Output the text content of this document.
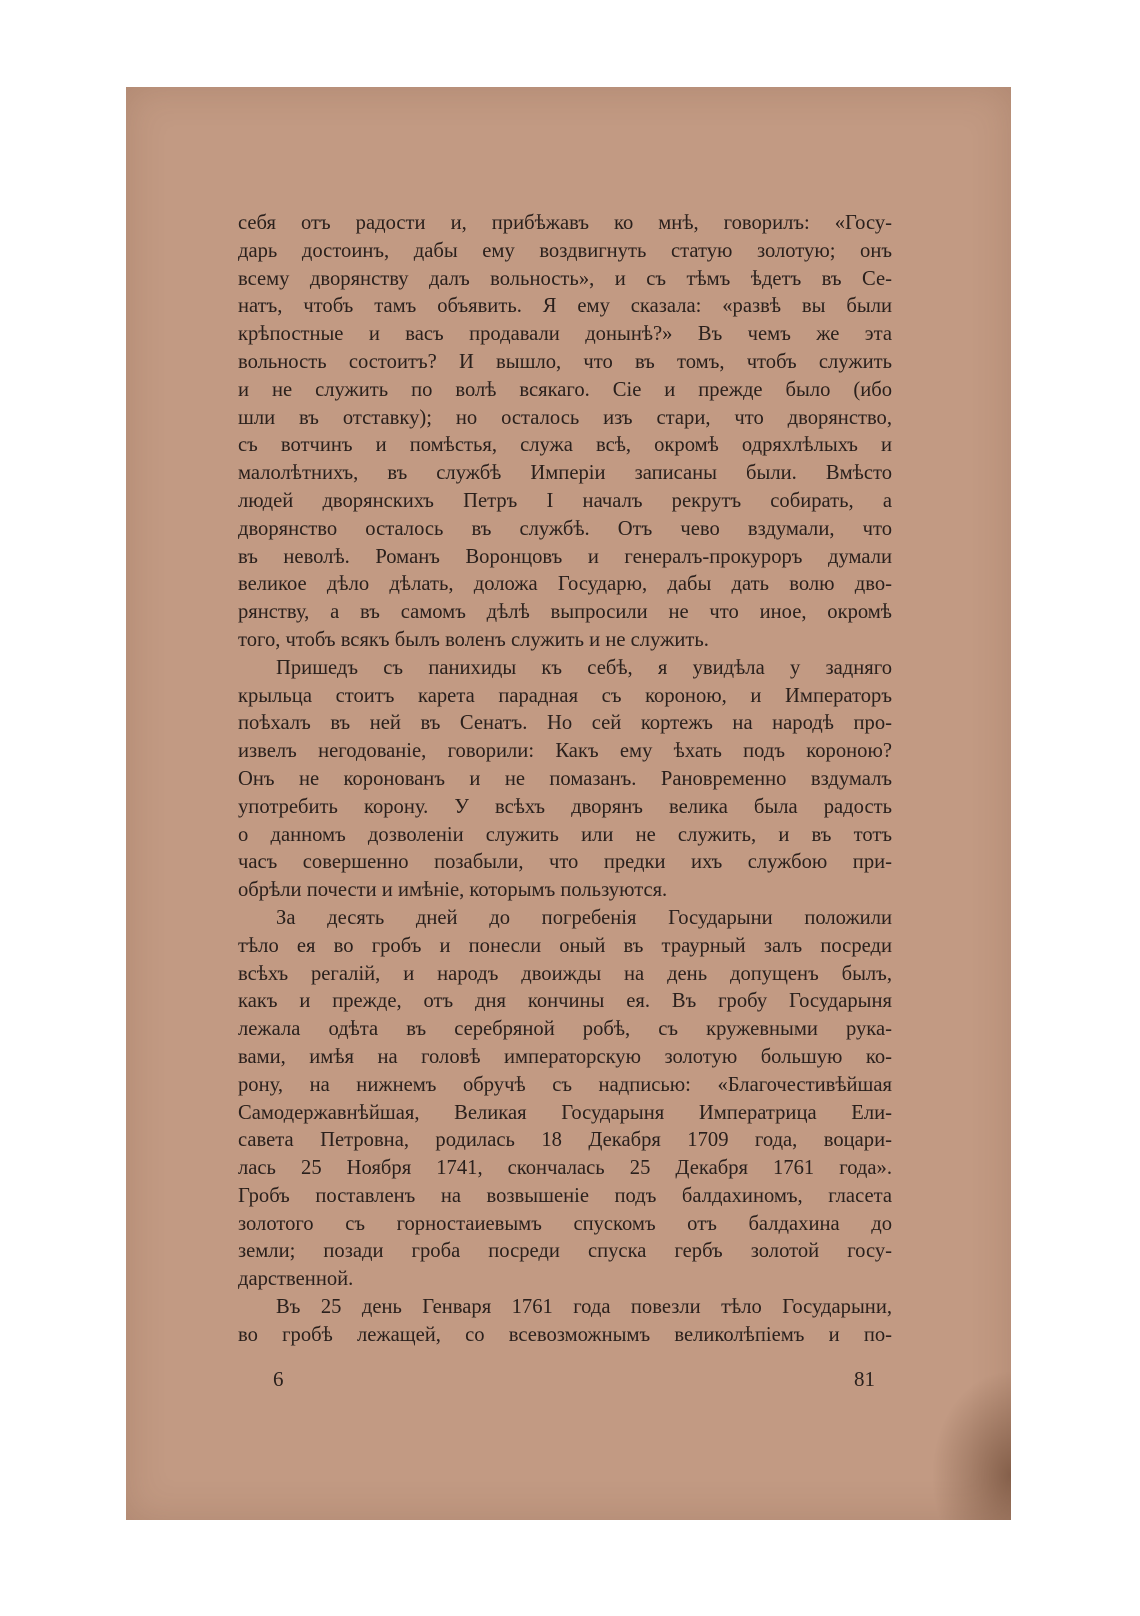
себя отъ радости и, прибѣжавъ ко мнѣ, говорилъ: «Госу-
дарь достоинъ, дабы ему воздвигнуть статую золотую; онъ
всему дворянству далъ вольность», и съ тѣмъ ѣдетъ въ Се-
натъ, чтобъ тамъ объявить. Я ему сказала: «развѣ вы были
крѣпостные и васъ продавали донынѣ?» Въ чемъ же эта
вольность состоитъ? И вышло, что въ томъ, чтобъ служить
и не служить по волѣ всякаго. Сіе и прежде было (ибо
шли въ отставку); но осталось изъ стари, что дворянство,
съ вотчинъ и помѣстья, служа всѣ, окромѣ одряхлѣлыхъ и
малолѣтнихъ, въ службѣ Имперіи записаны были. Вмѣсто
людей дворянскихъ Петръ I началъ рекрутъ собирать, а
дворянство осталось въ службѣ. Отъ чево вздумали, что
въ неволѣ. Романъ Воронцовъ и генералъ-прокуроръ думали
великое дѣло дѣлать, доложа Государю, дабы дать волю дво-
рянству, а въ самомъ дѣлѣ выпросили не что иное, окромѣ
того, чтобъ всякъ былъ воленъ служить и не служить.
Пришедъ съ панихиды къ себѣ, я увидѣла у задняго
крыльца стоитъ карета парадная съ короною, и Императоръ
поѣхалъ въ ней въ Сенатъ. Но сей кортежъ на народѣ про-
извелъ негодованіе, говорили: Какъ ему ѣхать подъ короною?
Онъ не коронованъ и не помазанъ. Рановременно вздумалъ
употребить корону. У всѣхъ дворянъ велика была радость
о данномъ дозволеніи служить или не служить, и въ тотъ
часъ совершенно позабыли, что предки ихъ службою при-
обрѣли почести и имѣніе, которымъ пользуются.
За десять дней до погребенія Государыни положили
тѣло ея во гробъ и понесли оный въ траурный залъ посреди
всѣхъ регалій, и народъ двоижды на день допущенъ былъ,
какъ и прежде, отъ дня кончины ея. Въ гробу Государыня
лежала одѣта въ серебряной робѣ, съ кружевными рука-
вами, имѣя на головѣ императорскую золотую большую ко-
рону, на нижнемъ обручѣ съ надписью: «Благочестивѣйшая
Самодержавнѣйшая, Великая Государыня Императрица Ели-
савета Петровна, родилась 18 Декабря 1709 года, воцари-
лась 25 Ноября 1741, скончалась 25 Декабря 1761 года».
Гробъ поставленъ на возвышеніе подъ балдахиномъ, гласета
золотого съ горностаиевымъ спускомъ отъ балдахина до
земли; позади гроба посреди спуска гербъ золотой госу-
дарственной.
Въ 25 день Генваря 1761 года повезли тѣло Государыни,
во гробѣ лежащей, со всевозможнымъ великолѣпіемъ и по-
6	81
